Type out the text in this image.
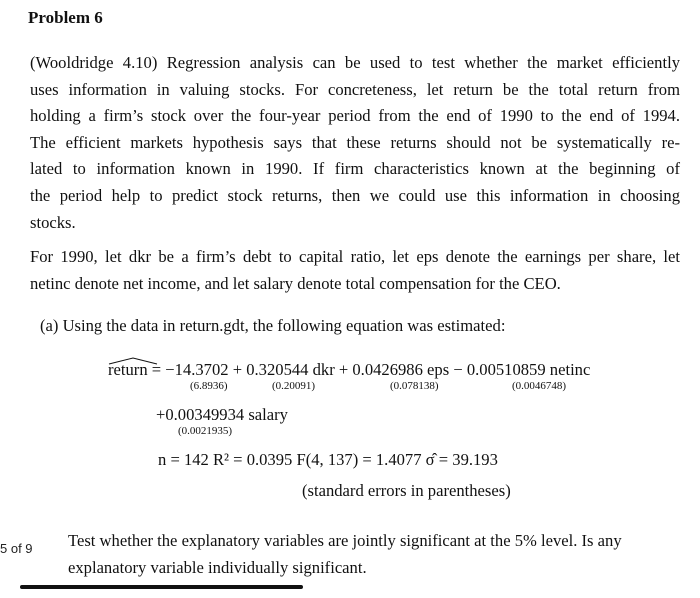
Problem 6

(Wooldridge 4.10) Regression analysis can be used to test whether the market efficiently
uses information in valuing stocks. For concreteness, let return be the total return from
holding a firm’s stock over the four-year period from the end of 1990 to the end of 1994.
The efficient markets hypothesis says that these returns should not be systematically re-
lated to information known in 1990. If firm characteristics known at the beginning of
the period help to predict stock returns, then we could use this information in choosing
stocks.

For 1990, let dkr be a firm’s debt to capital ratio, let eps denote the earnings per share, let
netinc denote net income, and let salary denote total compensation for the CEO.

(a) Using the data in return.gdt, the following equation was estimated:
return = −14.3702 + 0.320544 dkr + 0.0426986 eps − 0.00510859 netinc
(6.8936)	(0.20091)	(0.078138)	(0.0046748)
+0.00349934 salary
(0.0021935)
n = 142 R² = 0.0395 F(4, 137) = 1.4077 σ̂ = 39.193
(standard errors in parentheses)

Test whether the explanatory variables are jointly significant at the 5% level. Is any
explanatory variable individually significant.

5 of 9
